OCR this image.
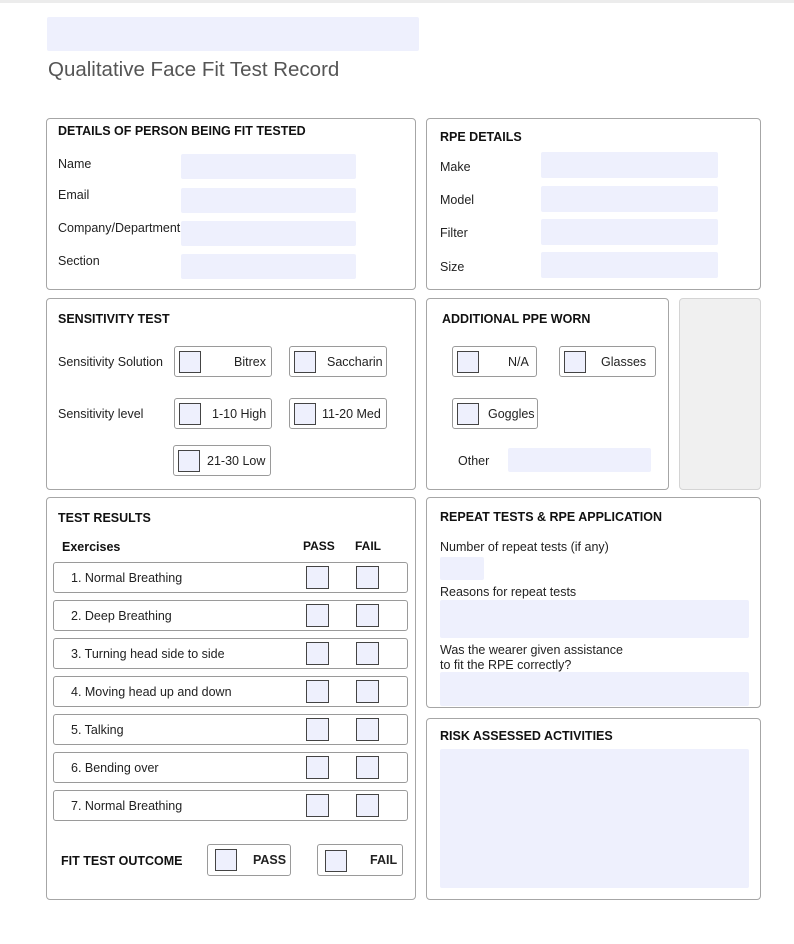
Qualitative Face Fit Test Record
DETAILS OF PERSON BEING FIT TESTED
Name
Email
Company/Department
Section
RPE DETAILS
Make
Model
Filter
Size
SENSITIVITY TEST
Sensitivity Solution	Bitrex	Saccharin
Sensitivity level	1-10 High	11-20 Med
21-30 Low
ADDITIONAL PPE WORN
N/A	Glasses
Goggles
Other
TEST RESULTS
Exercises	PASS FAIL
1. Normal Breathing
2. Deep Breathing
3. Turning head side to side
4. Moving head up and down
5. Talking
6. Bending over
7. Normal Breathing
FIT TEST OUTCOME	PASS	FAIL
REPEAT TESTS & RPE APPLICATION
Number of repeat tests (if any)
Reasons for repeat tests
Was the wearer given assistance
to fit the RPE correctly?
RISK ASSESSED ACTIVITIES
